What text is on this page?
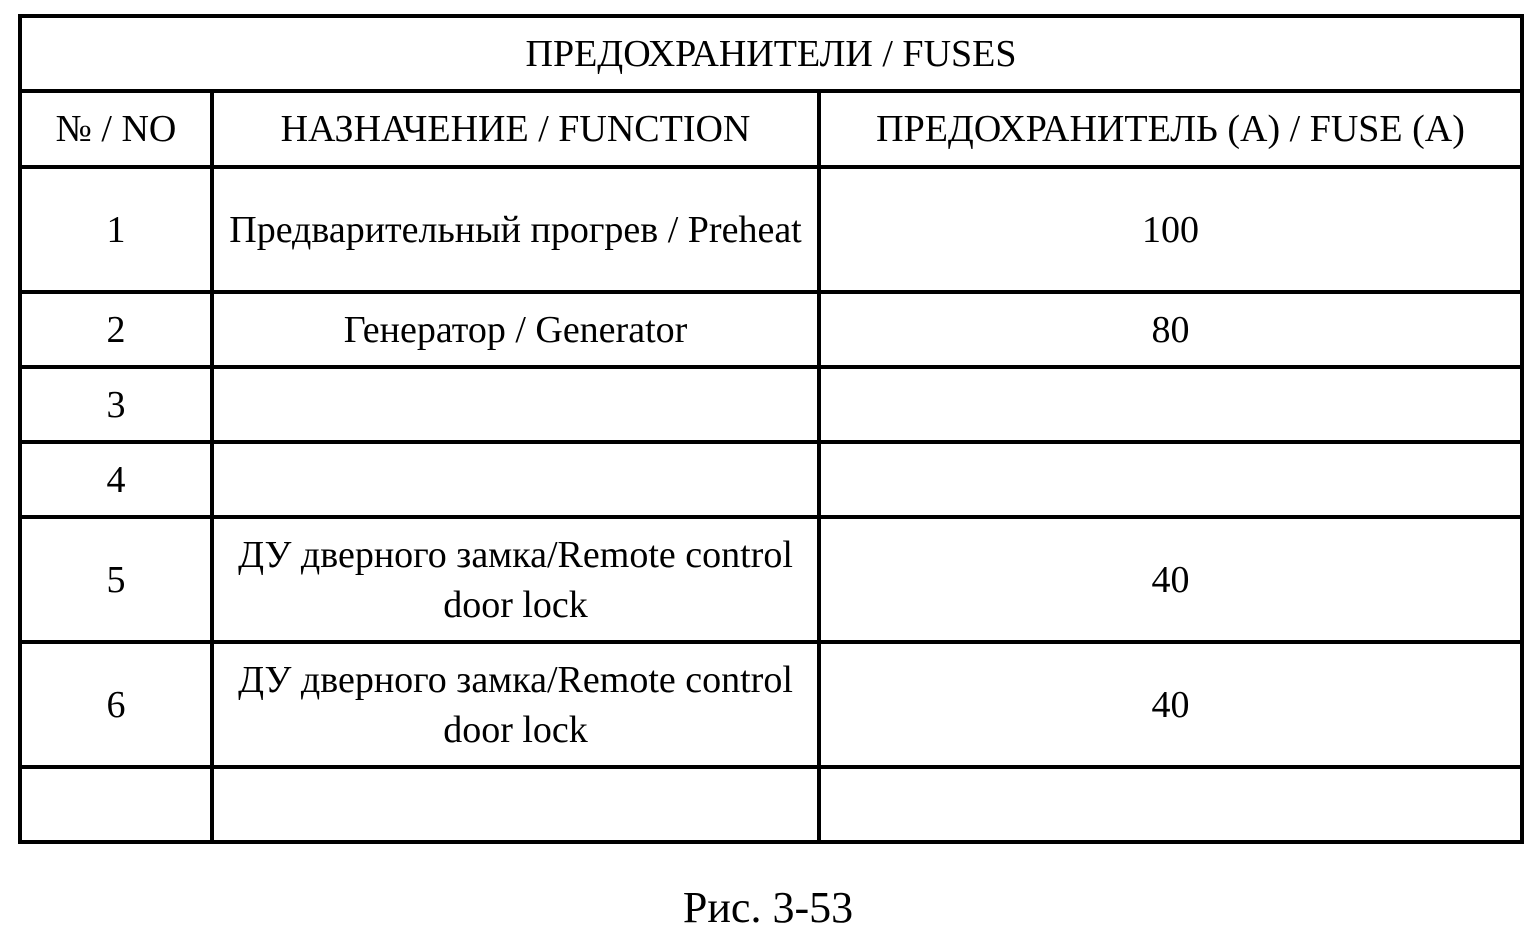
ПРЕДОХРАНИТЕЛИ / FUSES		
№ / NO	НАЗНАЧЕНИЕ / FUNCTION	ПРЕДОХРАНИТЕЛЬ (A) / FUSE (A)
1	Предварительный прогрев / Preheat	100
2	Генератор / Generator	80
3		
4		
5	ДУ дверного замка/Remote control door lock	40
6	ДУ дверного замка/Remote control door lock	40

Рис. 3-53
